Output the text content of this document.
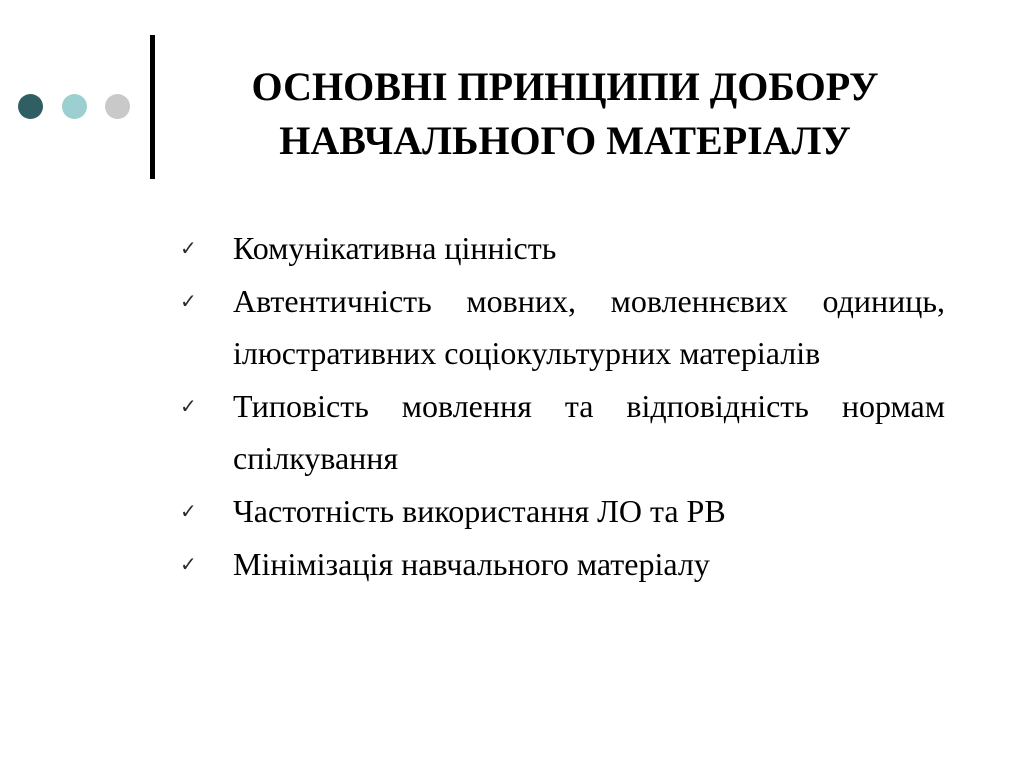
ОСНОВНІ ПРИНЦИПИ ДОБОРУ
НАВЧАЛЬНОГО МАТЕРІАЛУ
✓ Комунікативна цінність
✓ Автентичність мовних, мовленнєвих одиниць, ілюстративних соціокультурних матеріалів
✓ Типовість мовлення та відповідність нормам спілкування
✓ Частотність використання ЛО та РВ
✓ Мінімізація навчального матеріалу
